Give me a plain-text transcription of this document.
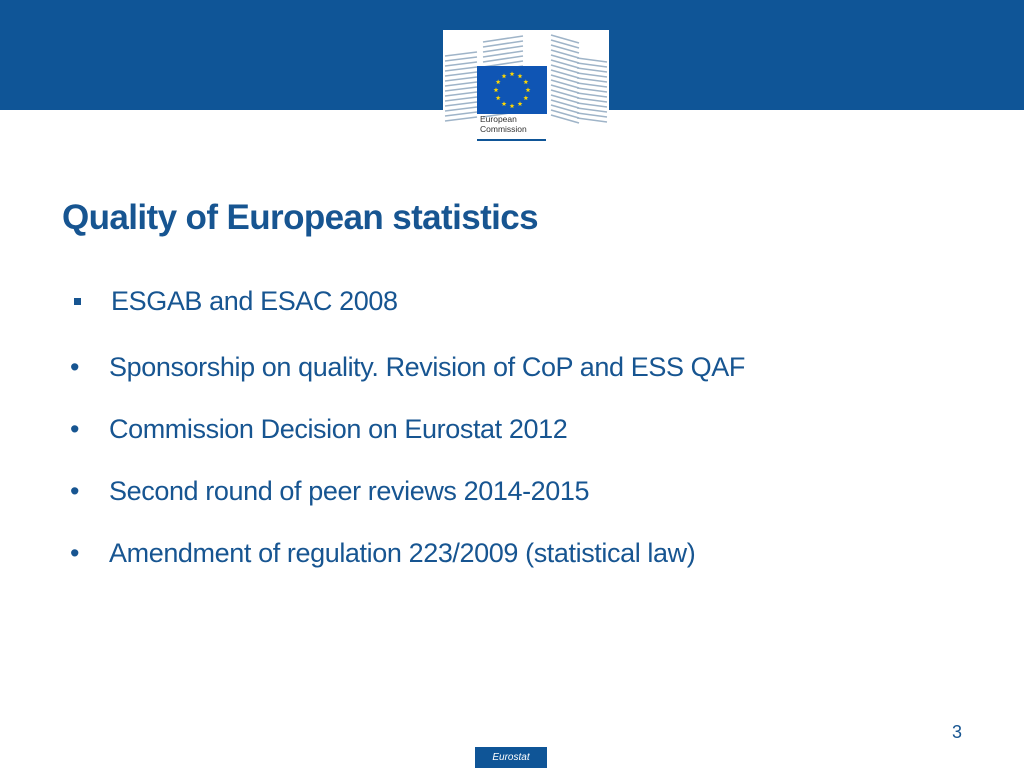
European
Commission
Quality of European statistics
ESGAB and ESAC 2008
• Sponsorship on quality. Revision of CoP and ESS QAF
• Commission Decision on Eurostat 2012
• Second round of peer reviews 2014-2015
• Amendment of regulation 223/2009 (statistical law)
3
Eurostat
